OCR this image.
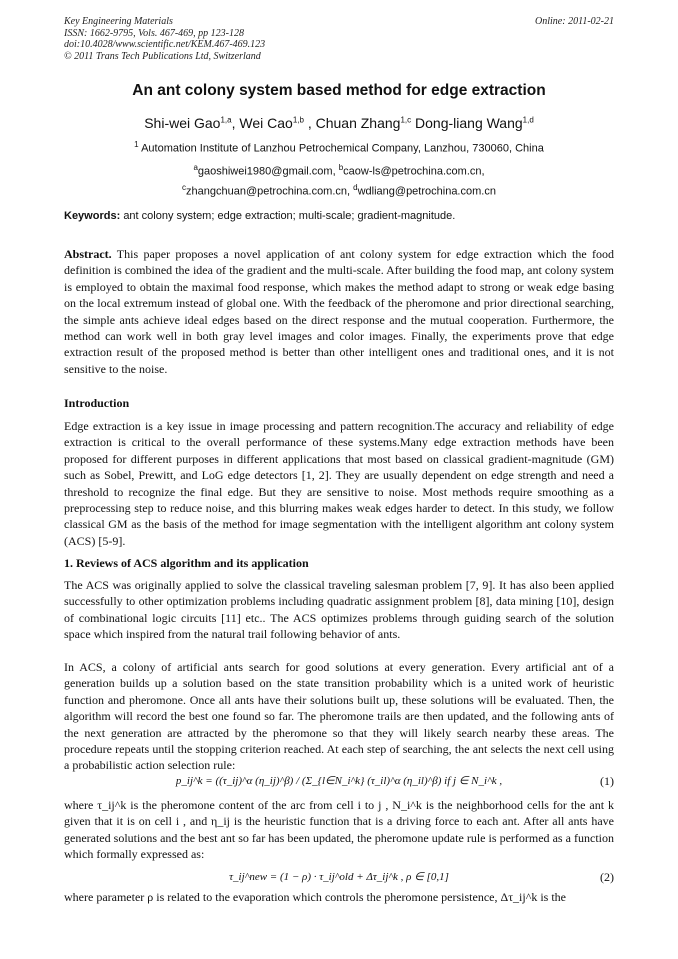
Key Engineering Materials
ISSN: 1662-9795, Vols. 467-469, pp 123-128
doi:10.4028/www.scientific.net/KEM.467-469.123
© 2011 Trans Tech Publications Ltd, Switzerland
Online: 2011-02-21
An ant colony system based method for edge extraction
Shi-wei Gao$^{1,a}$, Wei Cao$^{1,b}$ , Chuan Zhang$^{1,c}$ Dong-liang Wang$^{1,d}$
$^1$ Automation Institute of Lanzhou Petrochemical Company, Lanzhou, 730060, China
$^a$gaoshiwei1980@gmail.com, $^b$caow-ls@petrochina.com.cn,
$^c$zhangchuan@petrochina.com.cn, $^d$wdliang@petrochina.com.cn
Keywords: ant colony system; edge extraction; multi-scale; gradient-magnitude.
Abstract. This paper proposes a novel application of ant colony system for edge extraction which the food definition is combined the idea of the gradient and the multi-scale. After building the food map, ant colony system is employed to obtain the maximal food response, which makes the method adapt to strong or weak edge basing on the local extremum instead of global one. With the feedback of the pheromone and prior directional searching, the simple ants achieve ideal edges based on the direct response and the mutual cooperation. Furthermore, the method can work well in both gray level images and color images. Finally, the experiments prove that edge extraction result of the proposed method is better than other intelligent ones and traditional ones, and it is not sensitive to the noise.
Introduction
Edge extraction is a key issue in image processing and pattern recognition.The accuracy and reliability of edge extraction is critical to the overall performance of these systems.Many edge extraction methods have been proposed for different purposes in different applications that most based on classical gradient-magnitude (GM) such as Sobel, Prewitt, and LoG edge detectors [1, 2]. They are usually dependent on edge strength and need a threshold to recognize the final edge. But they are sensitive to noise. Most methods require smoothing as a preprocessing step to reduce noise, and this blurring makes weak edges harder to detect. In this study, we follow classical GM as the basis of the method for image segmentation with the intelligent algorithm ant colony system (ACS) [5-9].
1. Reviews of ACS algorithm and its application
The ACS was originally applied to solve the classical traveling salesman problem [7, 9]. It has also been applied successfully to other optimization problems including quadratic assignment problem [8], data mining [10], design of combinational logic circuits [11] etc.. The ACS optimizes problems through guiding search of the solution space which inspired from the natural trail following behavior of ants.
In ACS, a colony of artificial ants search for good solutions at every generation. Every artificial ant of a generation builds up a solution based on the state transition probability which is a united work of heuristic function and pheromone. Once all ants have their solutions built up, these solutions will be evaluated. Then, the algorithm will record the best one found so far. The pheromone trails are then updated, and the following ants of the next generation are attracted by the pheromone so that they will likely search nearby these areas. The procedure repeats until the stopping criterion reached. At each step of searching, the ant selects the next cell using a probabilistic action selection rule:
p_ij^k = ((τ_ij)^α (η_ij)^β) / (Σ_{l∈N_i^k} (τ_il)^α (η_il)^β) if j ∈ N_i^k ,	(1)
where τ_ij^k is the pheromone content of the arc from cell i to j , N_i^k is the neighborhood cells for the ant k given that it is on cell i , and η_ij is the heuristic function that is a driving force to each ant. After all ants have generated solutions and the best ant so far has been updated, the pheromone update rule is performed as a function which formally expressed as:
τ_ij^new = (1 − ρ) · τ_ij^old + Δτ_ij^k , ρ ∈ [0,1]	(2)
where parameter ρ is related to the evaporation which controls the pheromone persistence, Δτ_ij^k is the
